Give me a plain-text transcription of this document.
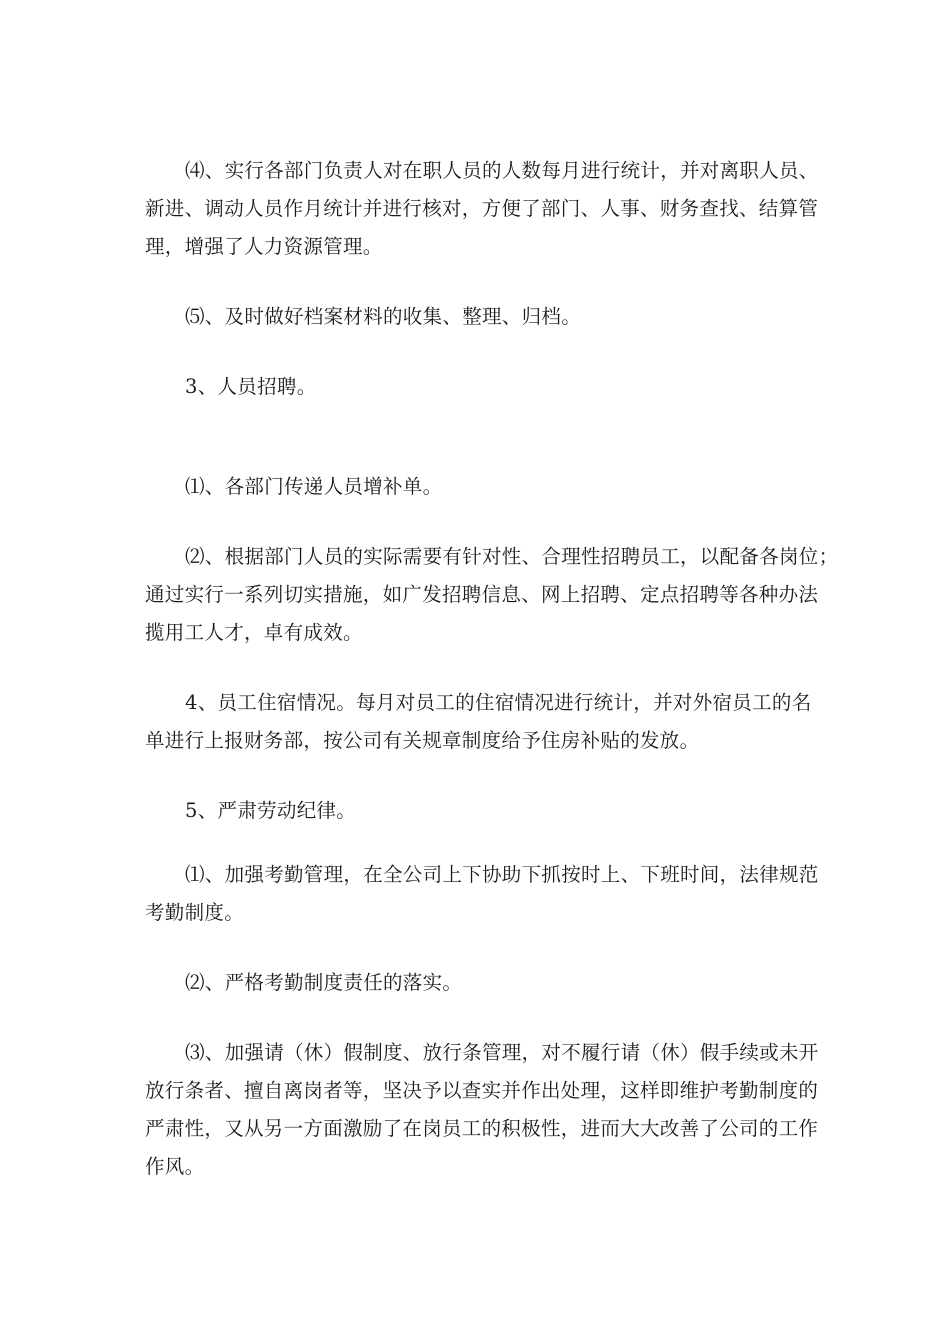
⑷、实行各部门负责人对在职人员的人数每月进行统计，并对离职人员、
新进、调动人员作月统计并进行核对，方便了部门、人事、财务查找、结算管
理，增强了人力资源管理。
⑸、及时做好档案材料的收集、整理、归档。
3、人员招聘。
⑴、各部门传递人员增补单。
⑵、根据部门人员的实际需要有针对性、合理性招聘员工，以配备各岗位；
通过实行一系列切实措施，如广发招聘信息、网上招聘、定点招聘等各种办法
揽用工人才，卓有成效。
4、员工住宿情况。每月对员工的住宿情况进行统计，并对外宿员工的名
单进行上报财务部，按公司有关规章制度给予住房补贴的发放。
5、严肃劳动纪律。
⑴、加强考勤管理，在全公司上下协助下抓按时上、下班时间，法律规范
考勤制度。
⑵、严格考勤制度责任的落实。
⑶、加强请（休）假制度、放行条管理，对不履行请（休）假手续或未开
放行条者、擅自离岗者等，坚决予以查实并作出处理，这样即维护考勤制度的
严肃性，又从另一方面激励了在岗员工的积极性，进而大大改善了公司的工作
作风。
